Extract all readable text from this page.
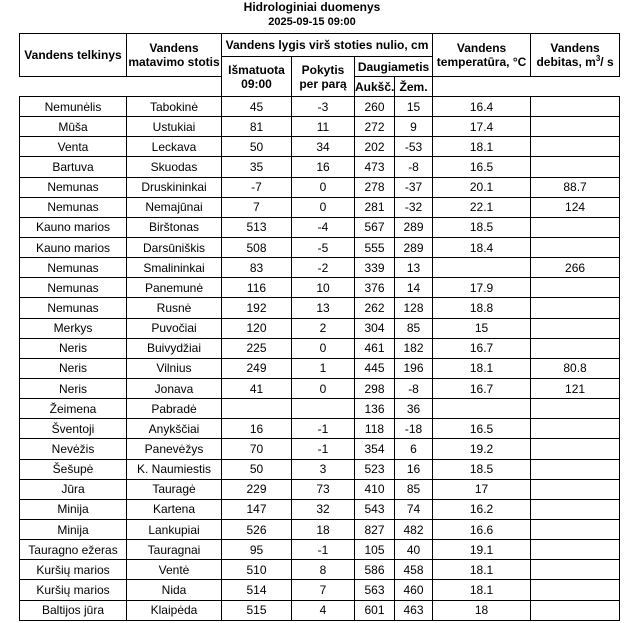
Hidrologiniai duomenys
2025-09-15 09:00
Vandens telkinys	Vandens matavimo stotis	Vandens lygis virš stoties nulio, cm				Vandens temperatūra, °C	Vandens debitas, $m^3/$ s
		Išmatuota 09:00	Pokytis per parą	Daugiametis			
				Aukšč.	Žem.		
Nemunėlis	Tabokinė	45	-3	260	15	16.4	
Mūša	Ustukiai	81	11	272	9	17.4	
Venta	Leckava	50	34	202	-53	18.1	
Bartuva	Skuodas	35	16	473	-8	16.5	
Nemunas	Druskininkai	-7	0	278	-37	20.1	88.7
Nemunas	Nemajūnai	7	0	281	-32	22.1	124
Kauno marios	Birštonas	513	-4	567	289	18.5	
Kauno marios	Darsūniškis	508	-5	555	289	18.4	
Nemunas	Smalininkai	83	-2	339	13		266
Nemunas	Panemunė	116	10	376	14	17.9	
Nemunas	Rusnė	192	13	262	128	18.8	
Merkys	Puvočiai	120	2	304	85	15	
Neris	Buivydžiai	225	0	461	182	16.7	
Neris	Vilnius	249	1	445	196	18.1	80.8
Neris	Jonava	41	0	298	-8	16.7	121
Žeimena	Pabradė			136	36		
Šventoji	Anykščiai	16	-1	118	-18	16.5	
Nevėžis	Panevėžys	70	-1	354	6	19.2	
Šešupė	K. Naumiestis	50	3	523	16	18.5	
Jūra	Tauragė	229	73	410	85	17	
Minija	Kartena	147	32	543	74	16.2	
Minija	Lankupiai	526	18	827	482	16.6	
Tauragno ežeras	Tauragnai	95	-1	105	40	19.1	
Kuršių marios	Ventė	510	8	586	458	18.1	
Kuršių marios	Nida	514	7	563	460	18.1	
Baltijos jūra	Klaipėda	515	4	601	463	18	
